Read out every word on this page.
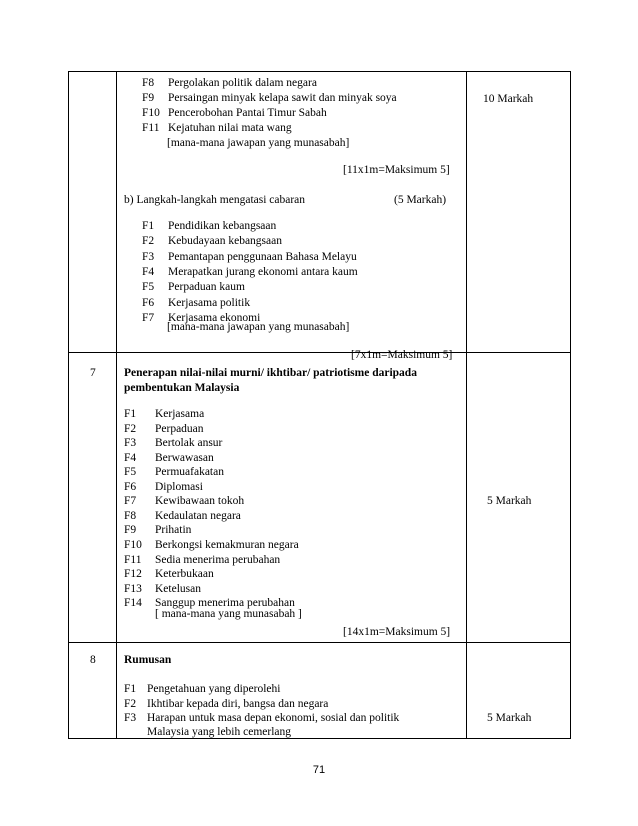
F8 Pergolakan politik dalam negara
F9 Persaingan minyak kelapa sawit dan minyak soya
F10 Pencerobohan Pantai Timur Sabah
F11 Kejatuhan nilai mata wang
[mana-mana jawapan yang munasabah]
[11x1m=Maksimum 5]
b) Langkah-langkah mengatasi cabaran	(5 Markah)
F1 Pendidikan kebangsaan
F2 Kebudayaan kebangsaan
F3 Pemantapan penggunaan Bahasa Melayu
F4 Merapatkan jurang ekonomi antara kaum
F5 Perpaduan kaum
F6 Kerjasama politik
F7 Kerjasama ekonomi
[mana-mana jawapan yang munasabah]
[7x1m=Maksimum 5]
10 Markah
7 Penerapan nilai-nilai murni/ ikhtibar/ patriotisme daripada
pembentukan Malaysia
F1 Kerjasama
F2 Perpaduan
F3 Bertolak ansur
F4 Berwawasan
F5 Permuafakatan
F6 Diplomasi
F7 Kewibawaan tokoh
F8 Kedaulatan negara
F9 Prihatin
F10 Berkongsi kemakmuran negara
F11 Sedia menerima perubahan
F12 Keterbukaan
F13 Ketelusan
F14 Sanggup menerima perubahan
[ mana-mana yang munasabah ]
[14x1m=Maksimum 5]
5 Markah
8 Rumusan
F1 Pengetahuan yang diperolehi
F2 Ikhtibar kepada diri, bangsa dan negara
F3 Harapan untuk masa depan ekonomi, sosial dan politik
Malaysia yang lebih cemerlang
5 Markah
71
